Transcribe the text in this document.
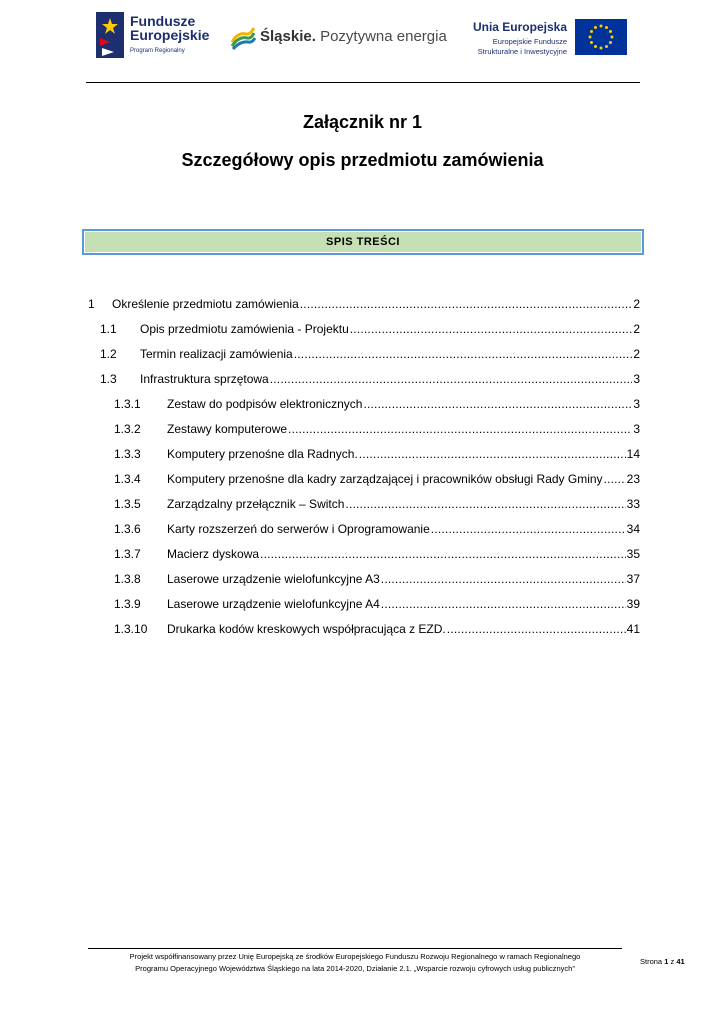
Fundusze
Europejskie
Program Regionalny
Śląskie. Pozytywna energia
Unia Europejska
Europejskie Fundusze
Strukturalne i Inwestycyjne
Załącznik nr 1
Szczegółowy opis przedmiotu zamówienia
SPIS TREŚCI
1 Określenie przedmiotu zamówienia .....	2
1.1 Opis przedmiotu zamówienia - Projektu .....	2
1.2 Termin realizacji zamówienia .....	2
1.3 Infrastruktura sprzętowa .....	3
1.3.1 Zestaw do podpisów elektronicznych .....	3
1.3.2 Zestawy komputerowe .....	3
1.3.3 Komputery przenośne dla Radnych. .....	14
1.3.4 Komputery przenośne dla kadry zarządzającej i pracowników obsługi Rady Gminy ..... 23
1.3.5 Zarządzalny przełącznik – Switch .....	33
1.3.6 Karty rozszerzeń do serwerów i Oprogramowanie .....	34
1.3.7 Macierz dyskowa .....	35
1.3.8 Laserowe urządzenie wielofunkcyjne A3 .....	37
1.3.9 Laserowe urządzenie wielofunkcyjne A4 .....	39
1.3.10 Drukarka kodów kreskowych współpracująca z EZD. .....	41
Projekt współfinansowany przez Unię Europejską ze środków Europejskiego Funduszu Rozwoju Regionalnego w ramach Regionalnego
Programu Operacyjnego Województwa Śląskiego na lata 2014-2020, Działanie 2.1. „Wsparcie rozwoju cyfrowych usług publicznych”
Strona 1 z 41
